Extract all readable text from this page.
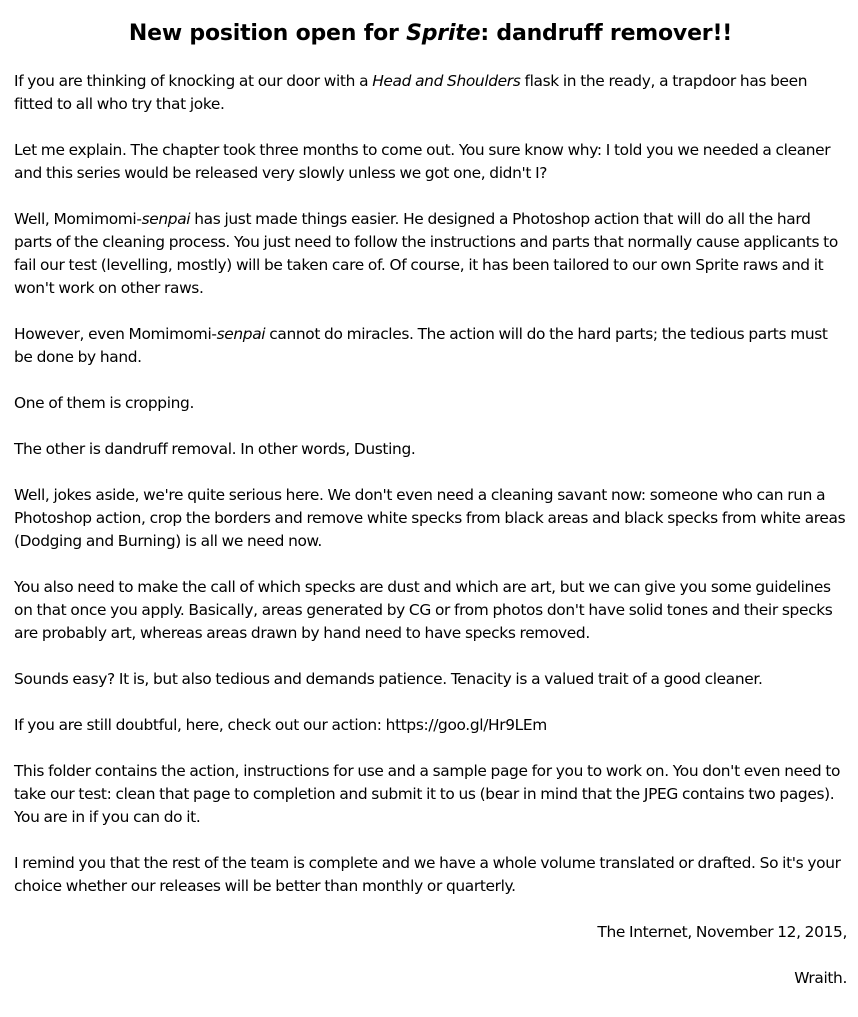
New position open for Sprite: dandruff remover!!

If you are thinking of knocking at our door with a Head and Shoulders flask in the ready, a trapdoor has been fitted to all who try that joke.

Let me explain. The chapter took three months to come out. You sure know why: I told you we needed a cleaner and this series would be released very slowly unless we got one, didn't I?

Well, Momimomi-senpai has just made things easier. He designed a Photoshop action that will do all the hard parts of the cleaning process. You just need to follow the instructions and parts that normally cause applicants to fail our test (levelling, mostly) will be taken care of. Of course, it has been tailored to our own Sprite raws and it won't work on other raws.

However, even Momimomi-senpai cannot do miracles. The action will do the hard parts; the tedious parts must be done by hand.

One of them is cropping.

The other is dandruff removal. In other words, Dusting.

Well, jokes aside, we're quite serious here. We don't even need a cleaning savant now: someone who can run a Photoshop action, crop the borders and remove white specks from black areas and black specks from white areas (Dodging and Burning) is all we need now.

You also need to make the call of which specks are dust and which are art, but we can give you some guidelines on that once you apply. Basically, areas generated by CG or from photos don't have solid tones and their specks are probably art, whereas areas drawn by hand need to have specks removed.

Sounds easy? It is, but also tedious and demands patience. Tenacity is a valued trait of a good cleaner.

If you are still doubtful, here, check out our action: https://goo.gl/Hr9LEm

This folder contains the action, instructions for use and a sample page for you to work on. You don't even need to take our test: clean that page to completion and submit it to us (bear in mind that the JPEG contains two pages). You are in if you can do it.

I remind you that the rest of the team is complete and we have a whole volume translated or drafted. So it's your choice whether our releases will be better than monthly or quarterly.

The Internet, November 12, 2015,

Wraith.
